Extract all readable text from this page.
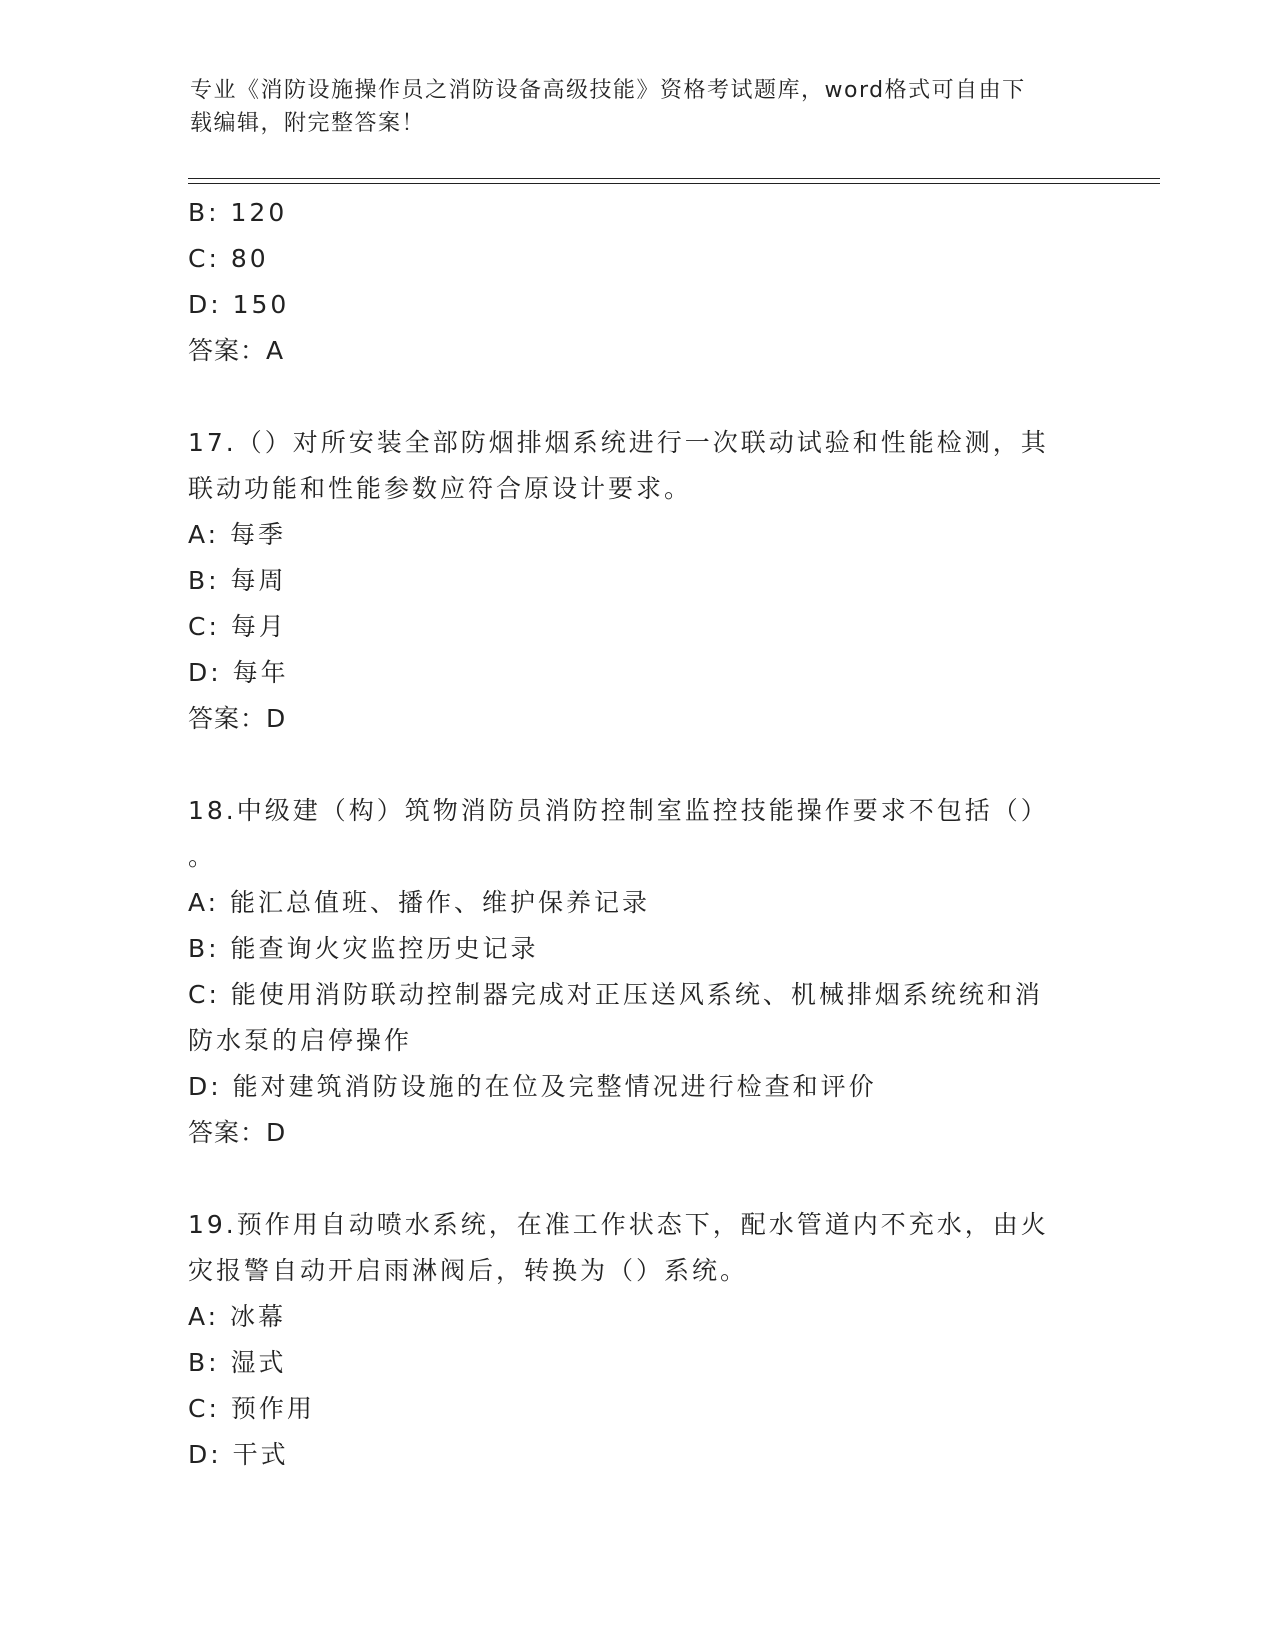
专业《消防设施操作员之消防设备高级技能》资格考试题库，word格式可自由下
载编辑，附完整答案！
B: 120
C: 80
D: 150
答案：A
17.（）对所安装全部防烟排烟系统进行一次联动试验和性能检测，其
联动功能和性能参数应符合原设计要求。
A: 每季
B: 每周
C: 每月
D: 每年
答案：D
18.中级建（构）筑物消防员消防控制室监控技能操作要求不包括（）
。
A: 能汇总值班、播作、维护保养记录
B: 能查询火灾监控历史记录
C: 能使用消防联动控制器完成对正压送风系统、机械排烟系统统和消
防水泵的启停操作
D: 能对建筑消防设施的在位及完整情况进行检查和评价
答案：D
19.预作用自动喷水系统，在准工作状态下，配水管道内不充水，由火
灾报警自动开启雨淋阀后，转换为（）系统。
A: 冰幕
B: 湿式
C: 预作用
D: 干式
